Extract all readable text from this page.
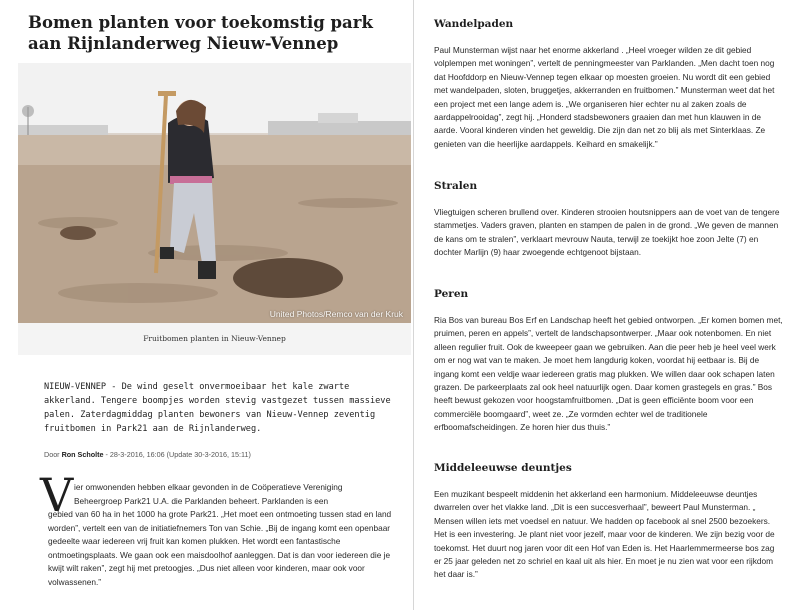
Bomen planten voor toekomstig park aan Rijnlanderweg Nieuw-Vennep
United Photos/Remco van der Kruk
Fruitbomen planten in Nieuw-Vennep

NIEUW-VENNEP - De wind geselt onvermoeibaar het kale zwarte akkerland. Tengere boompjes worden stevig vastgezet tussen massieve palen. Zaterdagmiddag planten bewoners van Nieuw-Vennep zeventig fruitbomen in Park21 aan de Rijnlanderweg.

Door Ron Scholte - 28-3-2016, 16:06 (Update 30-3-2016, 15:11)
V ier omwonenden hebben elkaar gevonden in de Coöperatieve Vereniging

Beheergroep Park21 U.A. die Parklanden beheert. Parklanden is een

gebied van 60 ha in het 1000 ha grote Park21. „Het moet een ontmoeting tussen stad en land worden”, vertelt een van de initiatiefnemers Ton van Schie. „Bij de ingang komt een openbaar gedeelte waar iedereen vrij fruit kan komen plukken. Het wordt een fantastische ontmoetingsplaats. We gaan ook een maisdoolhof aanleggen. Dat is dan voor iedereen die je kwijt wilt raken”, zegt hij met pretoogjes. „Dus niet alleen voor kinderen, maar ook voor volwassenen.”

Wandelpaden

Paul Munsterman wijst naar het enorme akkerland . „Heel vroeger wilden ze dit gebied volplempen met woningen”, vertelt de penningmeester van Parklanden. „Men dacht toen nog dat Hoofddorp en Nieuw-Vennep tegen elkaar op moesten groeien. Nu wordt dit een gebied met wandelpaden, sloten, bruggetjes, akkerranden en fruitbomen.” Munsterman weet dat het een project met een lange adem is. „We organiseren hier echter nu al zaken zoals de aardappelrooidag”, zegt hij. „Honderd stadsbewoners graaien dan met hun klauwen in de aarde. Vooral kinderen vinden het geweldig. Die zijn dan net zo blij als met Sinterklaas. Ze genieten van die heerlijke aardappels. Keihard en smakelijk.”

Stralen

Vliegtuigen scheren brullend over. Kinderen strooien houtsnippers aan de voet van de tengere stammetjes. Vaders graven, planten en stampen de palen in de grond. „We geven de mannen de kans om te stralen”, verklaart mevrouw Nauta, terwijl ze toekijkt hoe zoon Jelte (7) en dochter Marlijn (9) haar zwoegende echtgenoot bijstaan.

Peren

Ria Bos van bureau Bos Erf en Landschap heeft het gebied ontworpen. „Er komen bomen met, pruimen, peren en appels”, vertelt de landschapsontwerper. „Maar ook notenbomen. En niet alleen regulier fruit. Ook de kweepeer gaan we gebruiken. Aan die peer heb je heel veel werk om er nog wat van te maken. Je moet hem langdurig koken, voordat hij eetbaar is. Bij de ingang komt een veldje waar iedereen gratis mag plukken. We willen daar ook schapen laten grazen. De parkeerplaats zal ook heel natuurlijk ogen. Daar komen grastegels en gras.” Bos heeft bewust gekozen voor hoogstamfruitbomen. „Dat is geen efficiënte boom voor een commerciële boomgaard”, weet ze. „Ze vormden echter wel de traditionele erfboomafscheidingen. Ze horen hier dus thuis.”

Middeleeuwse deuntjes

Een muzikant bespeelt middenin het akkerland een harmonium. Middeleeuwse deuntjes dwarrelen over het vlakke land. „Dit is een succesverhaal”, beweert Paul Munsterman. „ Mensen willen iets met voedsel en natuur. We hadden op facebook al snel 2500 bezoekers. Het is een investering. Je plant niet voor jezelf, maar voor de kinderen. We zijn bezig voor de toekomst. Het duurt nog jaren voor dit een Hof van Eden is. Het Haarlemmermeerse bos zag er 25 jaar geleden net zo schriel en kaal uit als hier. En moet je nu zien wat voor een rijkdom het daar is.”
